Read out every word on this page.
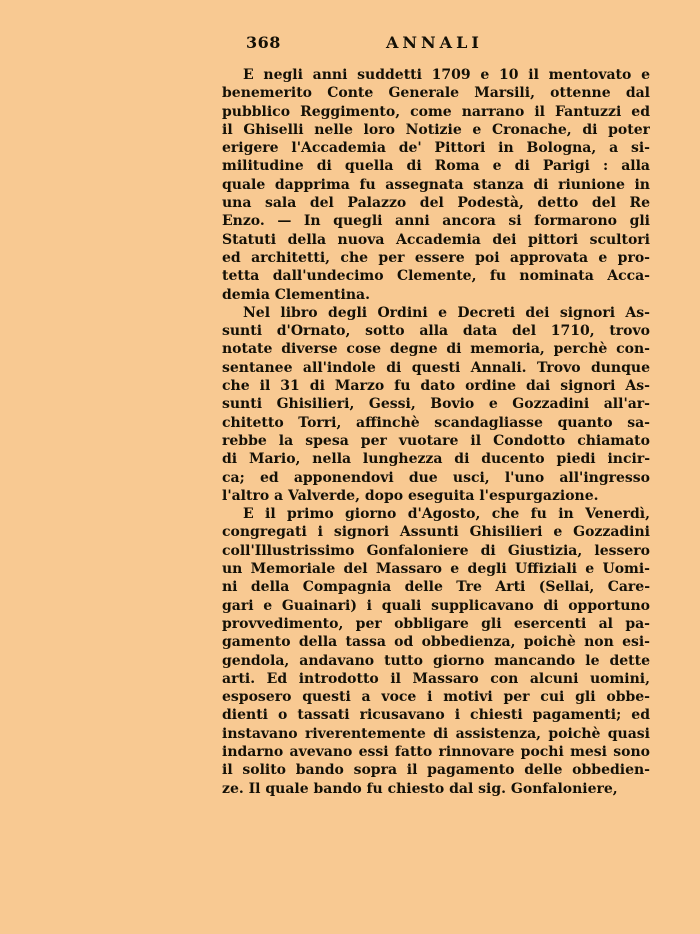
368	ANNALI
E negli anni suddetti 1709 e 10 il mentovato e
benemerito Conte Generale Marsili, ottenne dal
pubblico Reggimento, come narrano il Fantuzzi ed
il Ghiselli nelle loro Notizie e Cronache, di poter
erigere l'Accademia de' Pittori in Bologna, a si-
militudine di quella di Roma e di Parigi : alla
quale dapprima fu assegnata stanza di riunione in
una sala del Palazzo del Podestà, detto del Re
Enzo. — In quegli anni ancora si formarono gli
Statuti della nuova Accademia dei pittori scultori
ed architetti, che per essere poi approvata e pro-
tetta dall'undecimo Clemente, fu nominata Acca-
demia Clementina.
Nel libro degli Ordini e Decreti dei signori As-
sunti d'Ornato, sotto alla data del 1710, trovo
notate diverse cose degne di memoria, perchè con-
sentanee all'indole di questi Annali. Trovo dunque
che il 31 di Marzo fu dato ordine dai signori As-
sunti Ghisilieri, Gessi, Bovio e Gozzadini all'ar-
chitetto Torri, affinchè scandagliasse quanto sa-
rebbe la spesa per vuotare il Condotto chiamato
di Mario, nella lunghezza di ducento piedi incir-
ca; ed apponendovi due usci, l'uno all'ingresso
l'altro a Valverde, dopo eseguita l'espurgazione.
E il primo giorno d'Agosto, che fu in Venerdì,
congregati i signori Assunti Ghisilieri e Gozzadini
coll'Illustrissimo Gonfaloniere di Giustizia, lessero
un Memoriale del Massaro e degli Uffiziali e Uomi-
ni della Compagnia delle Tre Arti (Sellai, Care-
gari e Guainari) i quali supplicavano di opportuno
provvedimento, per obbligare gli esercenti al pa-
gamento della tassa od obbedienza, poichè non esi-
gendola, andavano tutto giorno mancando le dette
arti. Ed introdotto il Massaro con alcuni uomini,
esposero questi a voce i motivi per cui gli obbe-
dienti o tassati ricusavano i chiesti pagamenti; ed
instavano riverentemente di assistenza, poichè quasi
indarno avevano essi fatto rinnovare pochi mesi sono
il solito bando sopra il pagamento delle obbedien-
ze. Il quale bando fu chiesto dal sig. Gonfaloniere,
